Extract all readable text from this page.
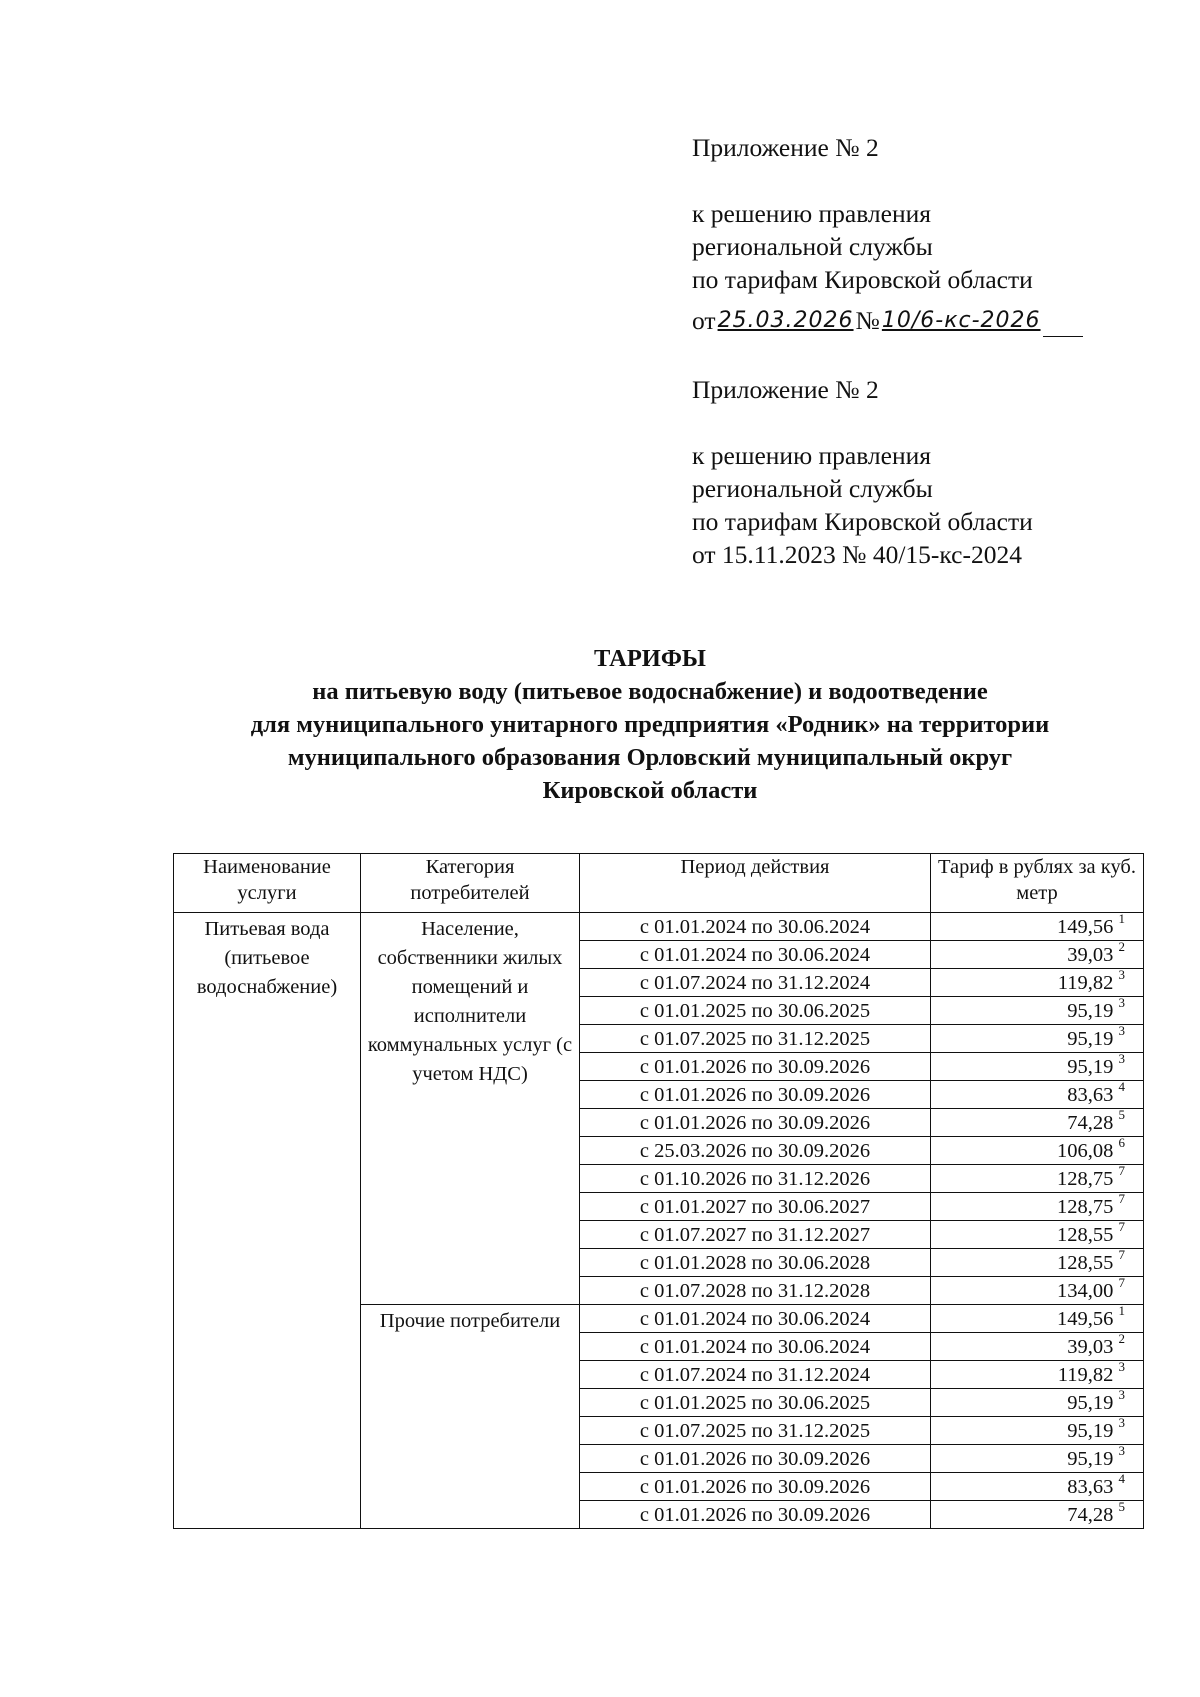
Приложение № 2
к решению правления
региональной службы
по тарифам Кировской области
от 25.03.2026 № 10/6-кс-2026
Приложение № 2
к решению правления
региональной службы
по тарифам Кировской области
от 15.11.2023 № 40/15-кс-2024
ТАРИФЫ
на питьевую воду (питьевое водоснабжение) и водоотведение
для муниципального унитарного предприятия «Родник» на территории
муниципального образования Орловский муниципальный округ
Кировской области
Наименование услуги	Категория потребителей	Период действия	Тариф в рублях за куб. метр
Питьевая вода (питьевое водоснабжение)	Население, собственники жилых помещений и исполнители коммунальных услуг (с учетом НДС)	с 01.01.2024 по 30.06.2024	149,56 $^1$
		с 01.01.2024 по 30.06.2024	39,03 $^2$
		с 01.07.2024 по 31.12.2024	119,82 $^3$
		с 01.01.2025 по 30.06.2025	95,19 $^3$
		с 01.07.2025 по 31.12.2025	95,19 $^3$
		с 01.01.2026 по 30.09.2026	95,19 $^3$
		с 01.01.2026 по 30.09.2026	83,63 $^4$
		с 01.01.2026 по 30.09.2026	74,28 $^5$
		с 25.03.2026 по 30.09.2026	106,08 $^6$
		с 01.10.2026 по 31.12.2026	128,75 $^7$
		с 01.01.2027 по 30.06.2027	128,75 $^7$
		с 01.07.2027 по 31.12.2027	128,55 $^7$
		с 01.01.2028 по 30.06.2028	128,55 $^7$
		с 01.07.2028 по 31.12.2028	134,00 $^7$
	Прочие потребители	с 01.01.2024 по 30.06.2024	149,56 $^1$
		с 01.01.2024 по 30.06.2024	39,03 $^2$
		с 01.07.2024 по 31.12.2024	119,82 $^3$
		с 01.01.2025 по 30.06.2025	95,19 $^3$
		с 01.07.2025 по 31.12.2025	95,19 $^3$
		с 01.01.2026 по 30.09.2026	95,19 $^3$
		с 01.01.2026 по 30.09.2026	83,63 $^4$
		с 01.01.2026 по 30.09.2026	74,28 $^5$
